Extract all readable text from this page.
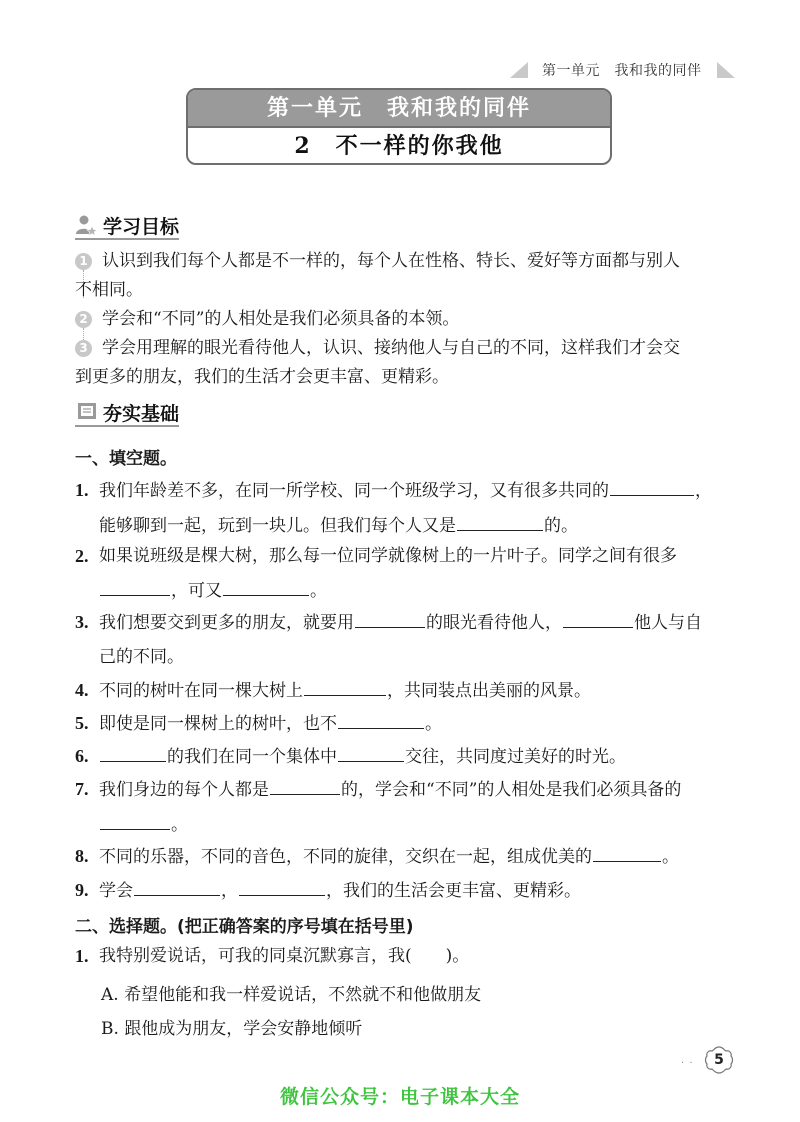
第一单元　我和我的同伴
第一单元　我和我的同伴
2　不一样的你我他
学习目标
1 认识到我们每个人都是不一样的，每个人在性格、特长、爱好等方面都与别人
不相同。
2 学会和“不同”的人相处是我们必须具备的本领。
3 学会用理解的眼光看待他人，认识、接纳他人与自己的不同，这样我们才会交
到更多的朋友，我们的生活才会更丰富、更精彩。
夯实基础
一、填空题。
1. 我们年龄差不多，在同一所学校、同一个班级学习，又有很多共同的	，
能够聊到一起，玩到一块儿。但我们每个人又是	的。
2. 如果说班级是棵大树，那么每一位同学就像树上的一片叶子。同学之间有很多
，可又	。
3. 我们想要交到更多的朋友，就要用	的眼光看待他人，	他人与自
己的不同。
4. 不同的树叶在同一棵大树上	，共同装点出美丽的风景。
5. 即使是同一棵树上的树叶，也不	。
6.	的我们在同一个集体中	交往，共同度过美好的时光。
7. 我们身边的每个人都是	的，学会和“不同”的人相处是我们必须具备的
。
8. 不同的乐器，不同的音色，不同的旋律，交织在一起，组成优美的	。
9. 学会	，	，我们的生活会更丰富、更精彩。
二、选择题。(把正确答案的序号填在括号里)
1. 我特别爱说话，可我的同桌沉默寡言，我(　　)。
A. 希望他能和我一样爱说话，不然就不和他做朋友
B. 跟他成为朋友，学会安静地倾听
· ·	5
微信公众号：电子课本大全
